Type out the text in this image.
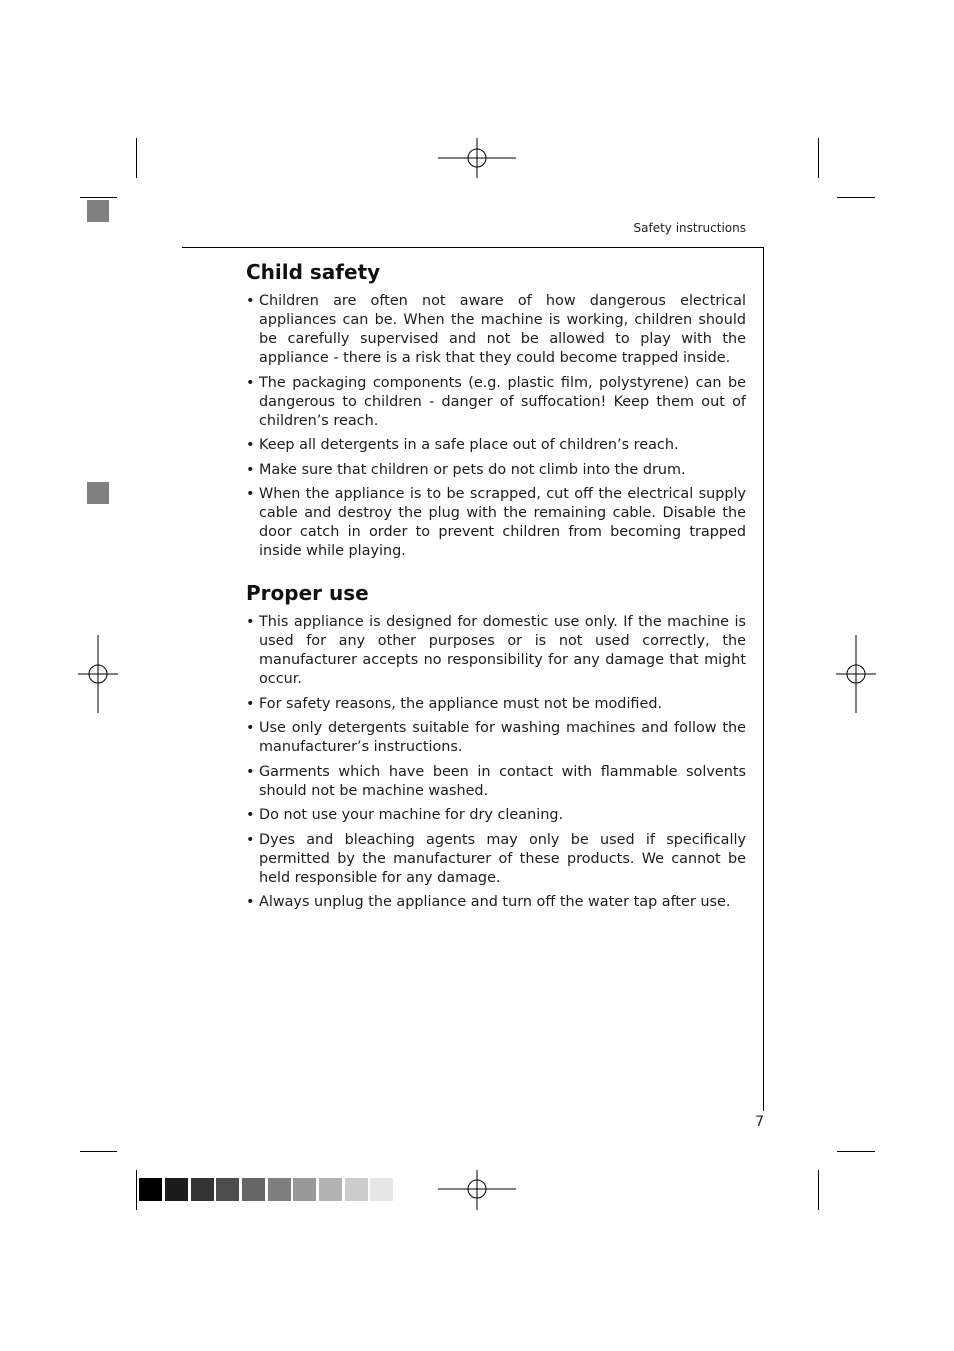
Safety instructions
Child safety
• Children are often not aware of how dangerous electrical appliances can be. When the machine is working, children should be carefully supervised and not be allowed to play with the appliance - there is a risk that they could become trapped inside.
• The packaging components (e.g. plastic film, polystyrene) can be dangerous to children - danger of suffocation! Keep them out of children’s reach.
• Keep all detergents in a safe place out of children’s reach.
• Make sure that children or pets do not climb into the drum.
• When the appliance is to be scrapped, cut off the electrical supply cable and destroy the plug with the remaining cable. Disable the door catch in order to prevent children from becoming trapped inside while playing.
Proper use
• This appliance is designed for domestic use only. If the machine is used for any other purposes or is not used correctly, the manufacturer accepts no responsibility for any damage that might occur.
• For safety reasons, the appliance must not be modified.
• Use only detergents suitable for washing machines and follow the manufacturer’s instructions.
• Garments which have been in contact with flammable solvents should not be machine washed.
• Do not use your machine for dry cleaning.
• Dyes and bleaching agents may only be used if specifically permitted by the manufacturer of these products. We cannot be held responsible for any damage.
• Always unplug the appliance and turn off the water tap after use.
7
